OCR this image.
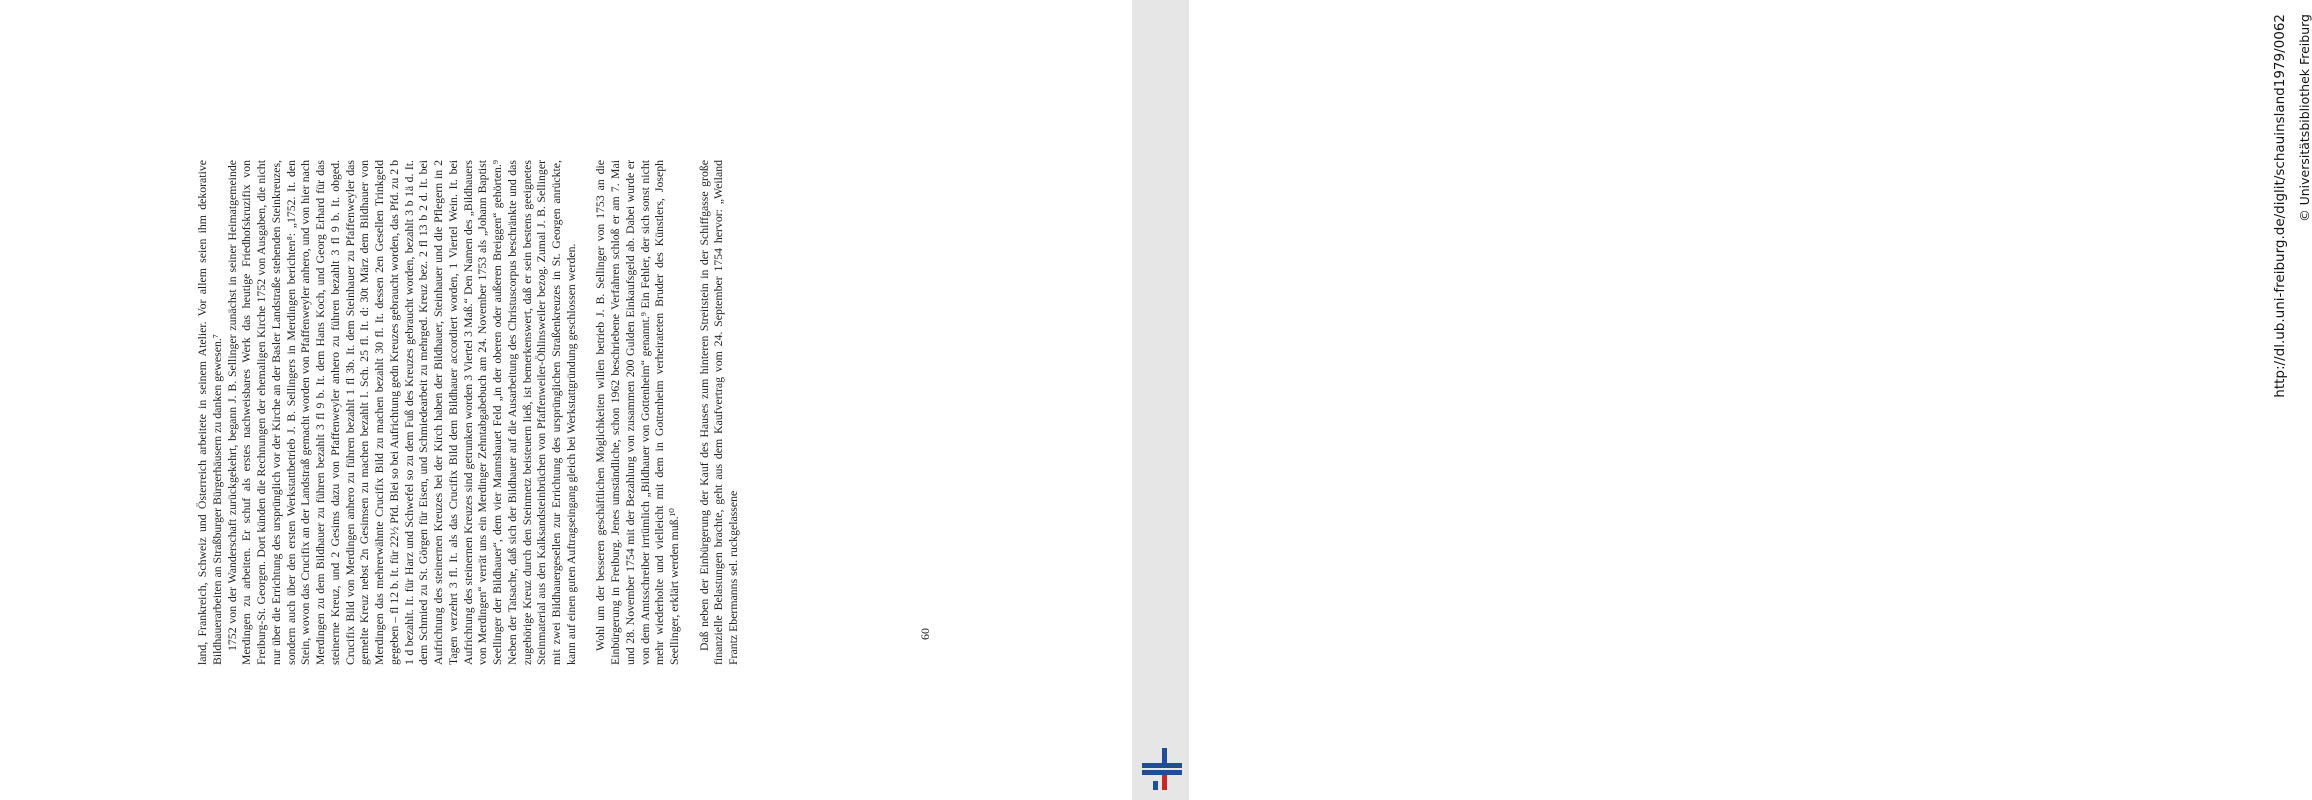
land, Frankreich, Schweiz und Österreich arbeitete in seinem Atelier. Vor allem seien ihm dekorative Bildhauerarbeiten an Straßburger Bürgerhäusern zu danken gewesen.⁷ 1752 von der Wanderschaft zurückgekehrt, begann J. B. Sellinger zunächst in seiner Heimatgemeinde Merdingen zu arbeiten. Er schuf als erstes nachweisbares Werk das heutige Friedhofskruzifix von Freiburg-St. Georgen. Dort künden die Rechnungen der ehemaligen Kirche 1752 von Ausgaben, die nicht nur über die Errichtung des ursprünglich vor der Kirche an der Basler Landstraße stehenden Steinkreuzes, sondern auch über den ersten Werkstattbetrieb J. B. Sellingers in Merdingen berichten⁸: „1752. It. den Stein, wovon das Crucifix an der Landstraß gemacht worden von Pfaffenweyler anhero, und von hier nach Merdingen zu dem Bildhauer zu führen bezahlt 3 fl 9 b. It. dem Hans Koch, und Georg Erhard für das steinerne Kreuz, und 2 Gesims dazu von Pfaffenweyler anhero zu führen bezahlt 3 fl 9 b. It. obged. Crucifix Bild von Merdingen anhero zu führen bezahlt 1 fl 3b. It. dem Steinhauer zu Pfaffenweyler das gemelte Kreuz nebst 2n Gesimsen zu machen bezahlt l. Sch. 25 fl. It. d: 30t März dem Bildhauer von Merdingen das mehrerwähnte Crucifix Bild zu machen bezahlt 30 fl. It. dessen 2en Gesellen Trinkgeld gegeben – fl 12 b. It. für 22½ Pfd. Blei so bei Aufrichtung gedn Kreuzes gebraucht worden, das Pfd. zu 2 b 1 d bezahlt. It. für Harz und Schwefel so zu dem Fuß des Kreuzes gebraucht worden, bezahlt 3 b 1ä d. It. dem Schmied zu St. Görgen für Eisen, und Schmiedearbeit zu mehrged. Kreuz bez. 2 fl 13 b 2 d. It. bei Aufrichtung des steinernen Kreuzes bei der Kirch haben der Bildhauer, Steinhauer und die Pflegern in 2 Tagen verzehrt 3 fl. It. als das Crucifix Bild dem Bildhauer accordiert worden, 1 Viertel Wein. It. bei Aufrichtung des steinernen Kreuzes sind getrunken worden 3 Viertel 3 Maß.“ Den Namen des „Bildhauers von Merdingen“ verrät uns ein Merdinger Zehntabgabebuch am 24. November 1753 als „Johann Baptist Seellinger der Bildhauer“, dem vier Mannshauet Feld „in der oberen oder außeren Breiggen“ gehörten.⁹ Neben der Tatsache, daß sich der Bildhauer auf die Ausarbeitung des Christuscorpus beschränkte und das zugehörige Kreuz durch den Steinmetz beisteuern ließ, ist bemerkenswert, daß er sein bestens geeignetes Steinmaterial aus den Kalksandsteinbrüchen von Pfaffenweiler-Öhlinsweiler bezog. Zumal J. B. Sellinger mit zwei Bildhauergesellen zur Errichtung des ursprünglichen Straßenkreuzes in St. Georgen anrückte, kann auf einen guten Auftragseingang gleich bei Werkstattgründung geschlossen werden. Wohl um der besseren geschäftlichen Möglichkeiten willen betrieb J. B. Sellinger von 1753 an die Einbürgerung in Freiburg. Jenes umständliche, schon 1962 beschriebene Verfahren schloß er am 7. Mai und 28. November 1754 mit der Bezahlung von zusammen 200 Gulden Einkaufsgeld ab. Dabei wurde er von dem Amtsschreiber irrtümlich „Bildhauer von Gottenheim“ genannt.⁹ Ein Fehler, der sich sonst nicht mehr wiederholte und vielleicht mit dem in Gottenheim verheirateten Bruder des Künstlers, Joseph Seellinger, erklärt werden muß.¹⁰ Daß neben der Einbürgerung der Kauf des Hauses zum hinteren Streitstein in der Schiffgasse große finanzielle Belastungen brachte, geht aus dem Kaufvertrag vom 24. September 1754 hervor: „Weiland Frantz Ebermanns sel. ruckgelassene	60
http://dl.ub.uni-freiburg.de/diglit/schauinsland1979/0062 © Universitätsbibliothek Freiburg
